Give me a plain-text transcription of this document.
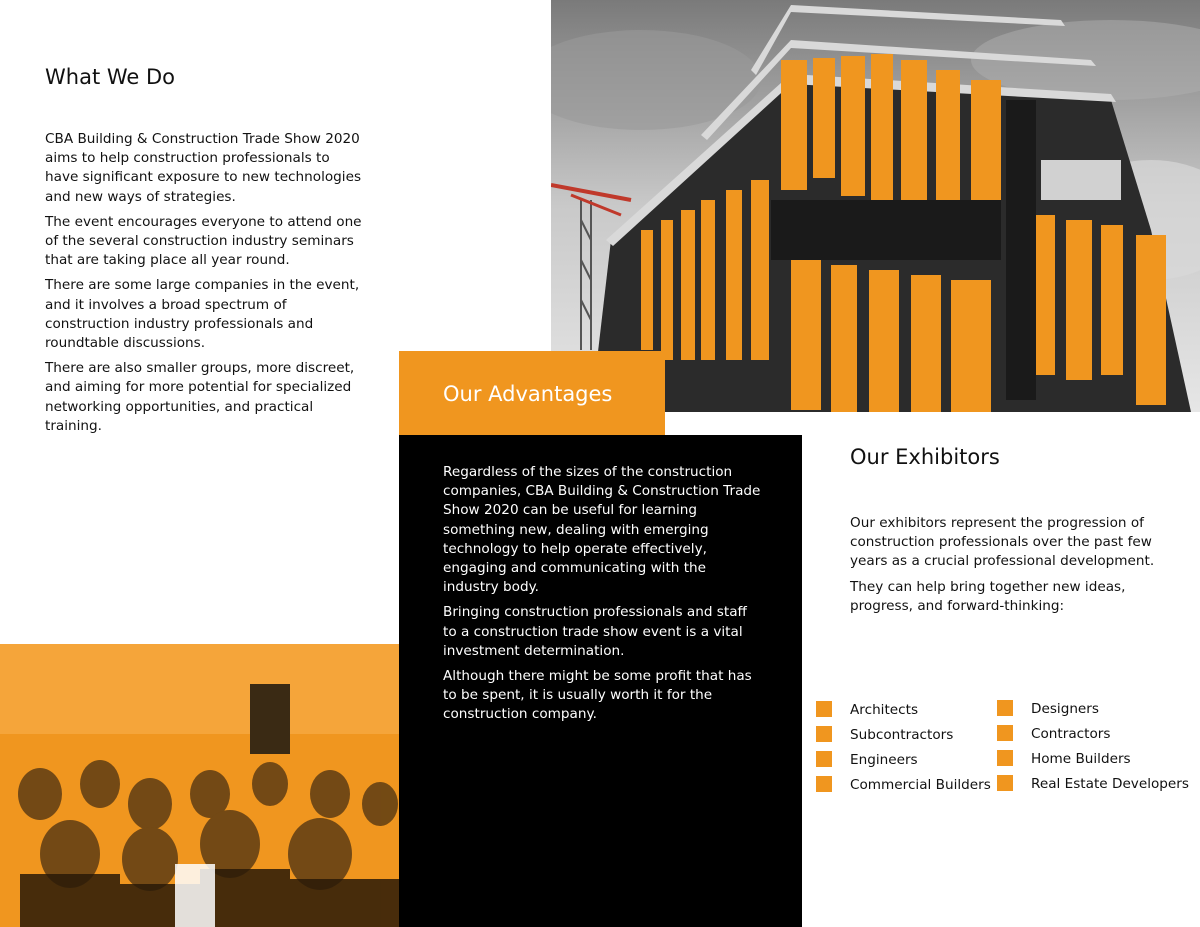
What We Do

CBA Building & Construction Trade Show 2020 aims to help construction professionals to have significant exposure to new technologies and new ways of strategies.

The event encourages everyone to attend one of the several construction industry seminars that are taking place all year round.

There are some large companies in the event, and it involves a broad spectrum of construction industry professionals and roundtable discussions.

There are also smaller groups, more discreet, and aiming for more potential for specialized networking opportunities, and practical training.

Our Advantages

Regardless of the sizes of the construction companies, CBA Building & Construction Trade Show 2020 can be useful for learning something new, dealing with emerging technology to help operate effectively, engaging and communicating with the industry body.

Bringing construction professionals and staff to a construction trade show event is a vital investment determination.

Although there might be some profit that has to be spent, it is usually worth it for the construction company.

Our Exhibitors

Our exhibitors represent the progression of construction professionals over the past few years as a crucial professional development.

They can help bring together new ideas, progress, and forward-thinking:

Architects
Subcontractors
Engineers
Commercial Builders
Designers
Contractors
Home Builders
Real Estate Developers
